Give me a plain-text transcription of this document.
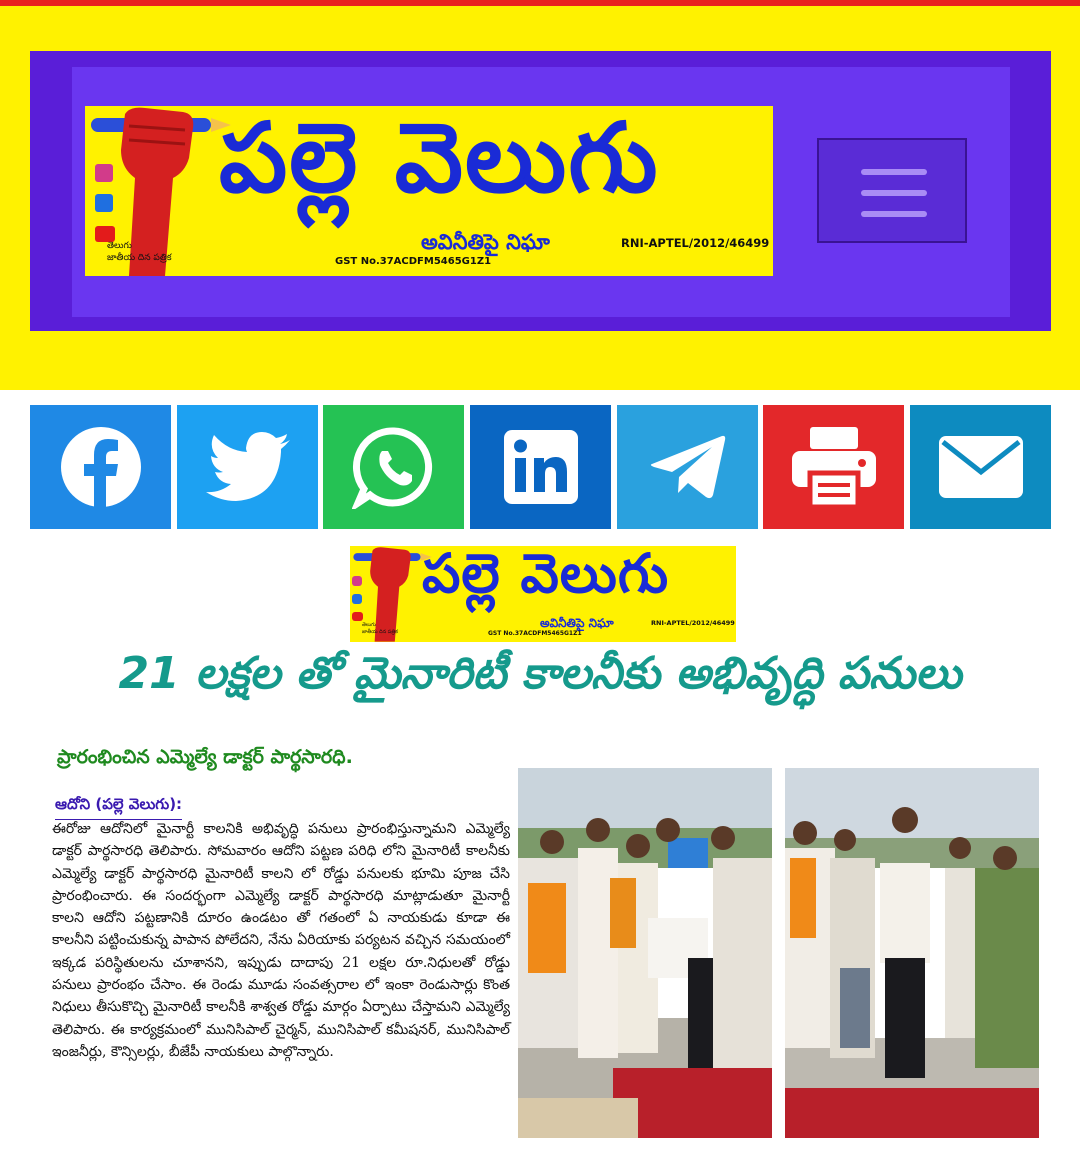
తెలుగు
జాతీయ దిన పత్రిక
పల్లె వెలుగు
అవినీతిపై నిఘా	RNI-APTEL/2012/46499
GST No.37ACDFM5465G1Z1
తెలుగు
జాతీయ దిన పత్రిక
పల్లె వెలుగు
అవినీతిపై నిఘా	RNI-APTEL/2012/46499
GST No.37ACDFM5465G1Z1
21 లక్షల తో మైనారిటీ కాలనీకు అభివృద్ధి పనులు
ప్రారంభించిన ఎమ్మెల్యే డాక్టర్ పార్థసారధి.
ఆదోని (పల్లె వెలుగు):
ఈరోజు ఆదోనిలో మైనార్టీ కాలనికి అభివృద్ధి పనులు ప్రారంభిస్తున్నామని ఎమ్మెల్యే డాక్టర్ పార్థసారధి తెలిపారు. సోమవారం ఆదోని పట్టణ పరిధి లోని మైనారిటీ కాలనీకు ఎమ్మెల్యే డాక్టర్ పార్థసారధి మైనారిటీ కాలని లో రోడ్డు పనులకు భూమి పూజ చేసి ప్రారంభించారు. ఈ సందర్భంగా ఎమ్మెల్యే డాక్టర్ పార్థసారధి మాట్లాడుతూ మైనార్టీ కాలని ఆదోని పట్టణానికి దూరం ఉండటం తో గతంలో ఏ నాయకుడు కూడా ఈ కాలనీని పట్టించుకున్న పాపాన పోలేదని, నేను ఏరియాకు పర్యటన వచ్చిన సమయంలో ఇక్కడ పరిస్థితులను చూశానని, ఇప్పుడు దాదాపు 21 లక్షల రూ.నిధులతో రోడ్డు పనులు ప్రారంభం చేసాం. ఈ రెండు మూడు సంవత్సరాల లో ఇంకా రెండుసార్లు కొంత నిధులు తీసుకొచ్చి మైనారిటీ కాలనీకి శాశ్వత రోడ్డు మార్గం ఏర్పాటు చేస్తామని ఎమ్మెల్యే తెలిపారు. ఈ కార్యక్రమంలో మునిసిపాల్ చైర్మన్, మునిసిపాల్ కమీషనర్, మునిసిపాల్ ఇంజనీర్లు, కౌన్సిలర్లు, బీజేపీ నాయకులు పాల్గొన్నారు.
